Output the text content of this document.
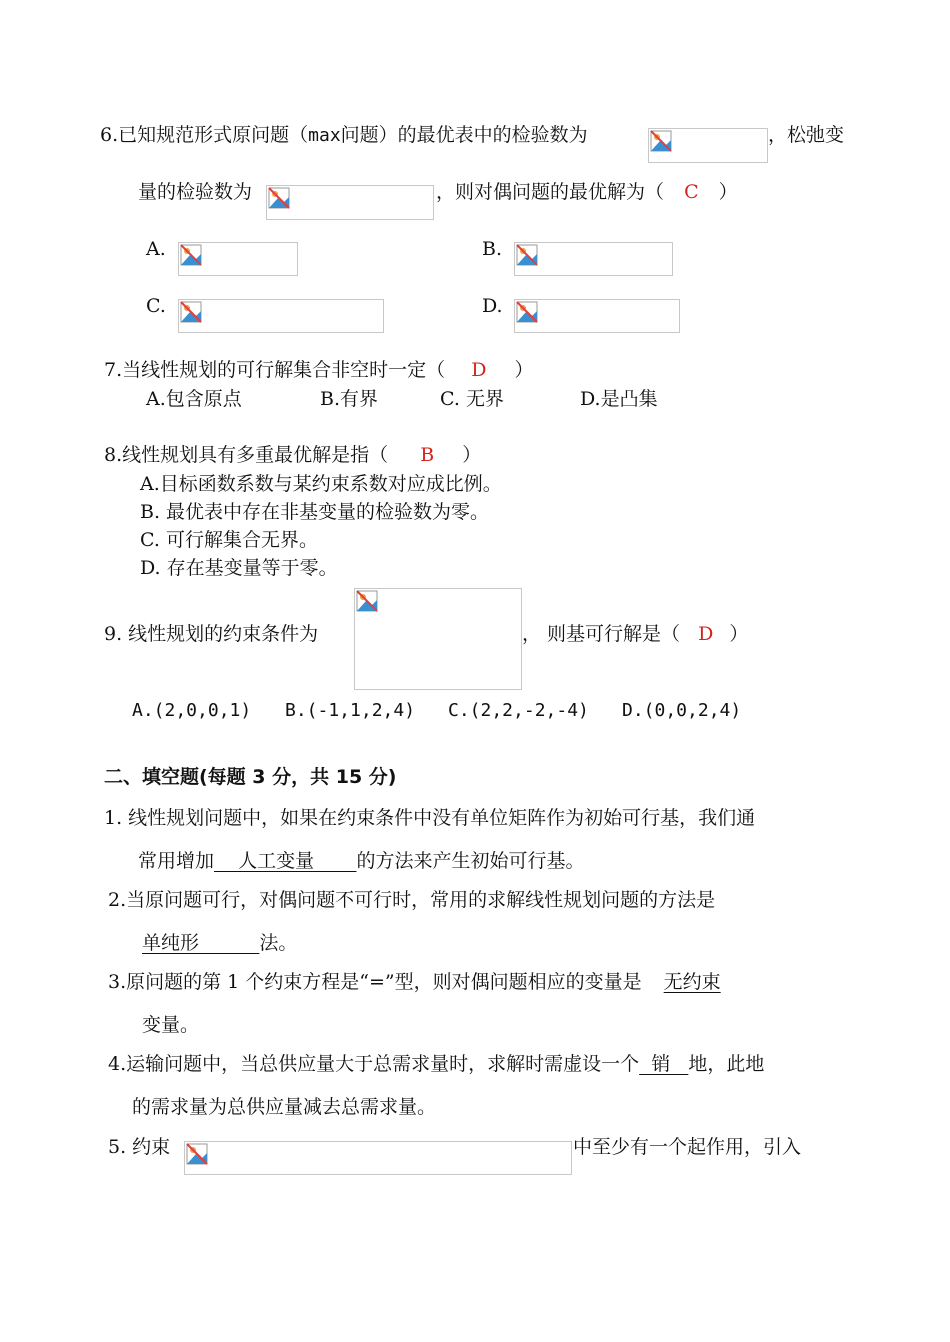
6.已知规范形式原问题（max问题）的最优表中的检验数为	，松弛变
量的检验数为	，则对偶问题的最优解为（ C ）
A.	B.
C.	D.
7.当线性规划的可行解集合非空时一定（ D ）
A.包含原点	B.有界	C. 无界	D.是凸集
8.线性规划具有多重最优解是指（ B ）
A.目标函数系数与某约束系数对应成比例。
B. 最优表中存在非基变量的检验数为零。
C. 可行解集合无界。
D. 存在基变量等于零。
9. 线性规划的约束条件为	， 则基可行解是（ D ）
A.(2,0,0,1) B.(-1,1,2,4) C.(2,2,-2,-4) D.(0,0,2,4)
二、填空题(每题 3 分，共 15 分)
1. 线性规划问题中，如果在约束条件中没有单位矩阵作为初始可行基，我们通
常用增加    人工变量       的方法来产生初始可行基。
2.当原问题可行，对偶问题不可行时，常用的求解线性规划问题的方法是
单纯形          法。
3.原问题的第 1 个约束方程是“=”型，则对偶问题相应的变量是 无约束
变量。
4.运输问题中，当总供应量大于总需求量时，求解时需虚设一个  销   地，此地
的需求量为总供应量减去总需求量。
5. 约束	中至少有一个起作用，引入
